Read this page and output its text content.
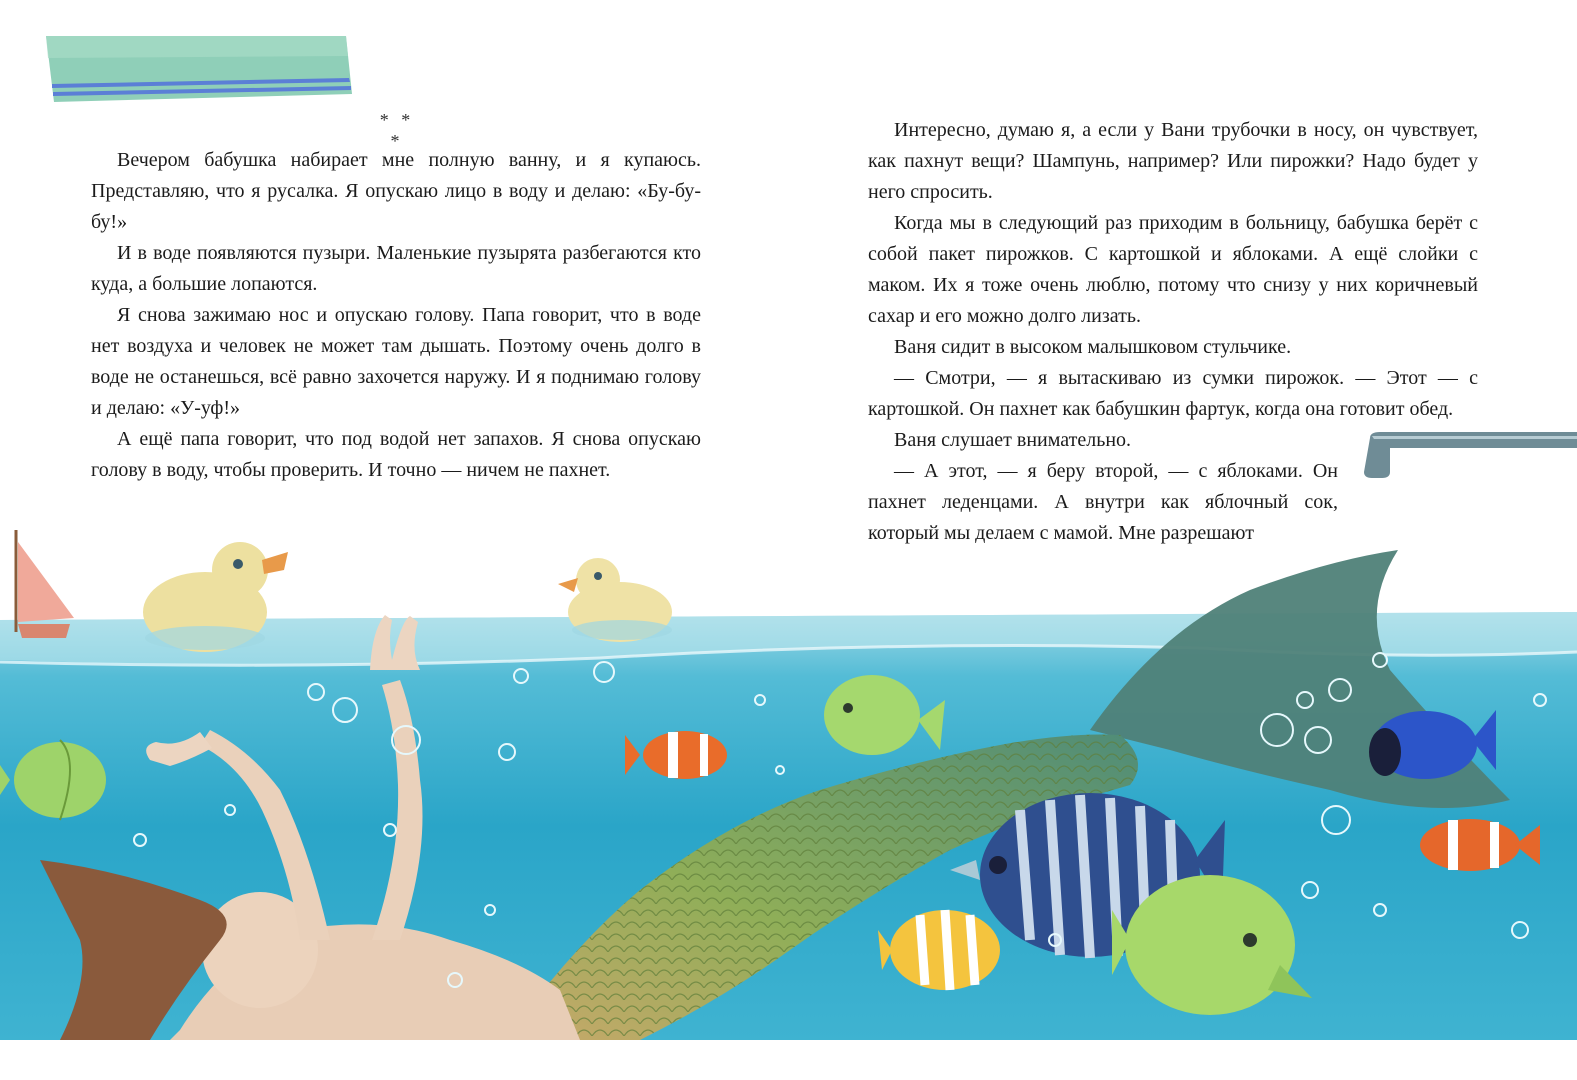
* * *

Вечером бабушка набирает мне полную ванну, и я купаюсь. Представляю, что я русалка. Я опускаю лицо в воду и делаю: «Бу-бу-бу!»

И в воде появляются пузыри. Маленькие пузырята разбегаются кто куда, а большие лопаются.

Я снова зажимаю нос и опускаю голову. Папа говорит, что в воде нет воздуха и человек не может там дышать. Поэтому очень долго в воде не останешься, всё равно захочется наружу. И я поднимаю голову и делаю: «У-уф!»

А ещё папа говорит, что под водой нет запахов. Я снова опускаю голову в воду, чтобы проверить. И точно — ничем не пахнет.

Интересно, думаю я, а если у Вани трубочки в носу, он чувствует, как пахнут вещи? Шампунь, например? Или пирожки? Надо будет у него спросить.

Когда мы в следующий раз приходим в больницу, бабушка берёт с собой пакет пирожков. С картошкой и яблоками. А ещё слойки с маком. Их я тоже очень люблю, потому что снизу у них коричневый сахар и его можно долго лизать.

Ваня сидит в высоком малышковом стульчике.

— Смотри, — я вытаскиваю из сумки пирожок. — Этот — с картошкой. Он пахнет как бабушкин фартук, когда она готовит обед.

Ваня слушает внимательно.

— А этот, — я беру второй, — с яблоками. Он пахнет леденцами. А внутри как яблочный сок, который мы делаем с мамой. Мне разрешают
